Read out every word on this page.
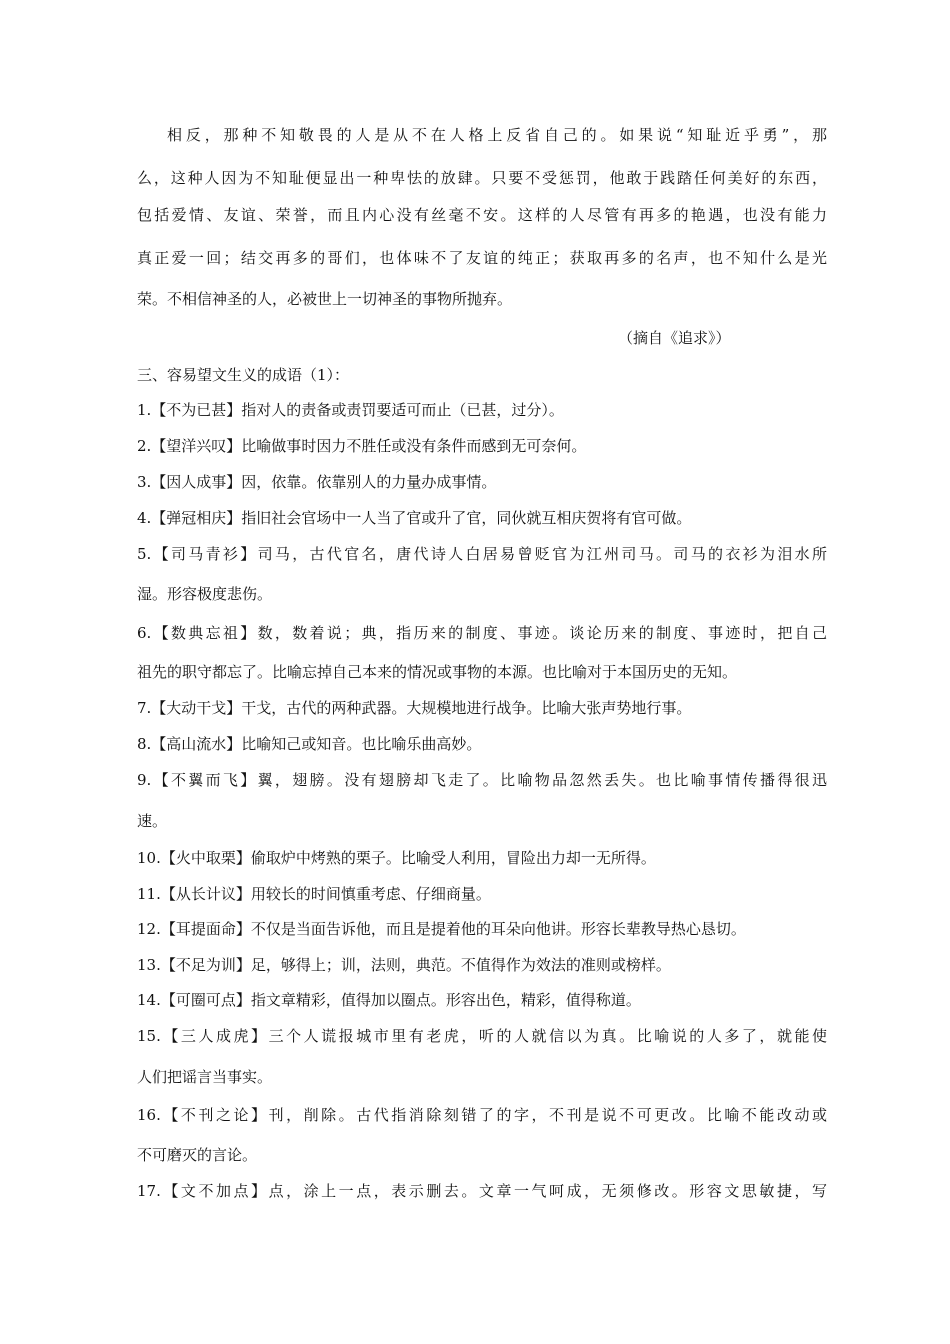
相反，那种不知敬畏的人是从不在人格上反省自己的。如果说“知耻近乎勇”，那
么，这种人因为不知耻便显出一种卑怯的放肆。只要不受惩罚，他敢于践踏任何美好的东西，
包括爱情、友谊、荣誉，而且内心没有丝毫不安。这样的人尽管有再多的艳遇，也没有能力
真正爱一回；结交再多的哥们，也体味不了友谊的纯正；获取再多的名声，也不知什么是光
荣。不相信神圣的人，必被世上一切神圣的事物所抛弃。
（摘自《追求》）
三、容易望文生义的成语（1）：
1.【不为已甚】指对人的责备或责罚要适可而止（已甚，过分）。
2.【望洋兴叹】比喻做事时因力不胜任或没有条件而感到无可奈何。
3.【因人成事】因，依靠。依靠别人的力量办成事情。
4.【弹冠相庆】指旧社会官场中一人当了官或升了官，同伙就互相庆贺将有官可做。
5.【司马青衫】司马，古代官名，唐代诗人白居易曾贬官为江州司马。司马的衣衫为泪水所
湿。形容极度悲伤。
6.【数典忘祖】数，数着说；典，指历来的制度、事迹。谈论历来的制度、事迹时，把自己
祖先的职守都忘了。比喻忘掉自己本来的情况或事物的本源。也比喻对于本国历史的无知。
7.【大动干戈】干戈，古代的两种武器。大规模地进行战争。比喻大张声势地行事。
8.【高山流水】比喻知己或知音。也比喻乐曲高妙。
9.【不翼而飞】翼，翅膀。没有翅膀却飞走了。比喻物品忽然丢失。也比喻事情传播得很迅
速。
10.【火中取栗】偷取炉中烤熟的栗子。比喻受人利用，冒险出力却一无所得。
11.【从长计议】用较长的时间慎重考虑、仔细商量。
12.【耳提面命】不仅是当面告诉他，而且是提着他的耳朵向他讲。形容长辈教导热心恳切。
13.【不足为训】足，够得上；训，法则，典范。不值得作为效法的准则或榜样。
14.【可圈可点】指文章精彩，值得加以圈点。形容出色，精彩，值得称道。
15.【三人成虎】三个人谎报城市里有老虎，听的人就信以为真。比喻说的人多了，就能使
人们把谣言当事实。
16.【不刊之论】刊，削除。古代指消除刻错了的字，不刊是说不可更改。比喻不能改动或
不可磨灭的言论。
17.【文不加点】点，涂上一点，表示删去。文章一气呵成，无须修改。形容文思敏捷，写
